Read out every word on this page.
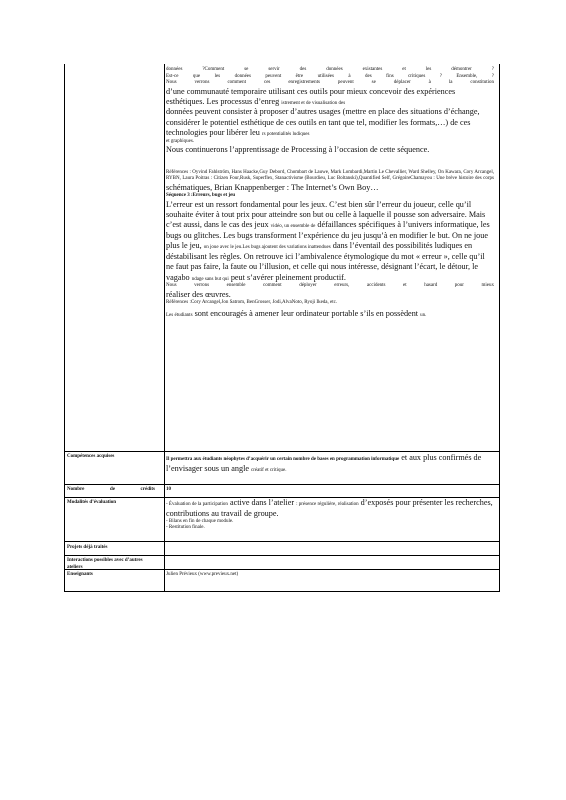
données ?Comment se servir des données existantes et les démontrer ?

Est-ce que les données peuvent être utilisées à des fins critiques ? Ensemble, ?

Nous verrons comment ces enregistrements peuvent se déplacer à la constitution

d’une communauté temporaire utilisant ces outils pour mieux concevoir des expériences esthétiques. Les processus d’enreg istrement et de visualisation des

données peuvent consister à proposer d’autres usages (mettre en place des situations d’échange, considérer le potentiel esthétique de ces outils en tant que tel, modifier les formats,…) de ces technologies pour libérer leu rs potentialités ludiques

et graphiques.

Nous continuerons l’apprentissage de Processing à l’occasion de cette séquence.

Références : Oyvind Fahlström, Hans Haacke,Guy Debord, Chombart de Lauwe, Mark Lombardi,Martin Le Chevallier, Ward Shelley, On Kawara, Cory Arcangel, RYBN, Laura Poitras : Citizen Four,Rusk, Superflex, Stanactivisme (Bourdieu, Luc Boltanski),Quantified Self, GrégoireChamayou : Une brève histoire des corps

schématiques, Brian Knappenberger : The Internet’s Own Boy…

Séquence 3 :Erreurs, bugs et jeu

L’erreur est un ressort fondamental pour les jeux. C’est bien sûr l’erreur du joueur, celle qu’il souhaite éviter à tout prix pour atteindre son but ou celle à laquelle il pousse son adversaire. Mais c’est aussi, dans le cas des jeux vidéo, un ensemble de défaillances spécifiques à l’univers informatique, les bugs ou glitches. Les bugs transforment l’expérience du jeu jusqu’à en modifier le but. On ne joue plus le jeu, on joue avec le jeu.Les bugs ajoutent des variations inattendues dans l’éventail des possibilités ludiques en déstabilisant les règles. On retrouve ici l’ambivalence étymologique du mot « erreur », celle qu’il ne faut pas faire, la faute ou l’illusion, et celle qui nous intéresse, désignant l’écart, le détour, le vagabo ndage sans but qui peut s’avérer pleinement productif.

Nous verrons ensemble comment déployer erreurs, accidents et hasard pour mieux

réaliser des œuvres.

Références :Cory Arcangel,Jon Satrom, BenGrosser, Jodi,AlvaNoto, Ryoji Ikeda, etc.

Les étudiants sont encouragés à amener leur ordinateur portable s’ils en possèdent un.

Compétences acquises

Il permettra aux étudiants néophytes d’acquérir un certain nombre de bases en programmation informatique et aux plus confirmés de l’envisager sous un angle créatif et critique.

Nombre de crédits 10
Modalités d’évaluation	- Évaluation de la participation active dans l’atelier : présence régulière, réalisation d’exposés pour présenter les recherches, contributions au travail de groupe.

- Bilans en fin de chaque module.

- Restitution finale.

Projets déjà traités
Interactions possibles avec d’autres ateliers
Enseignants	Julien Prévieux (www.previeux.net)
